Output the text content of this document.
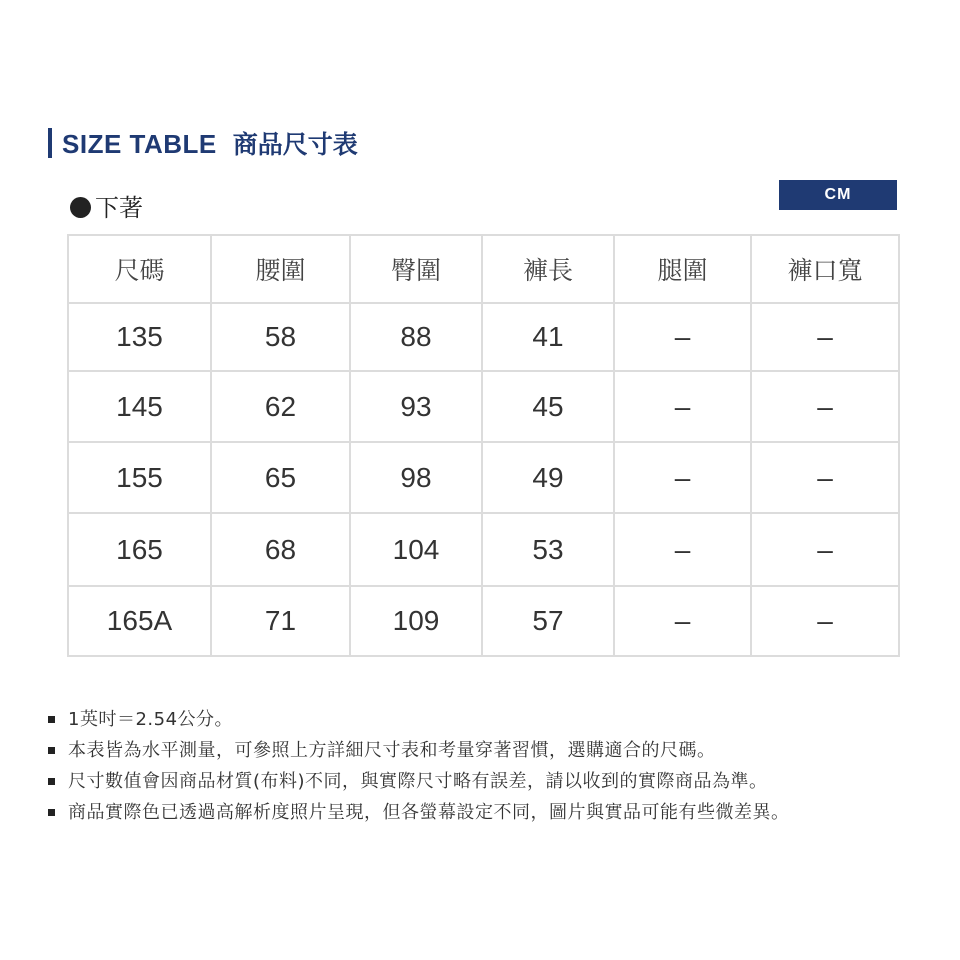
SIZE TABLE 商品尺寸表
下著	CM
尺碼	腰圍	臀圍	褲長	腿圍	褲口寬
135	58	88	41	–	–
145	62	93	45	–	–
155	65	98	49	–	–
165	68	104	53	–	–
165A	71	109	57	–	–
1英吋＝2.54公分。
本表皆為水平測量，可參照上方詳細尺寸表和考量穿著習慣，選購適合的尺碼。
尺寸數值會因商品材質(布料)不同，與實際尺寸略有誤差，請以收到的實際商品為準。
商品實際色已透過高解析度照片呈現，但各螢幕設定不同，圖片與實品可能有些微差異。
